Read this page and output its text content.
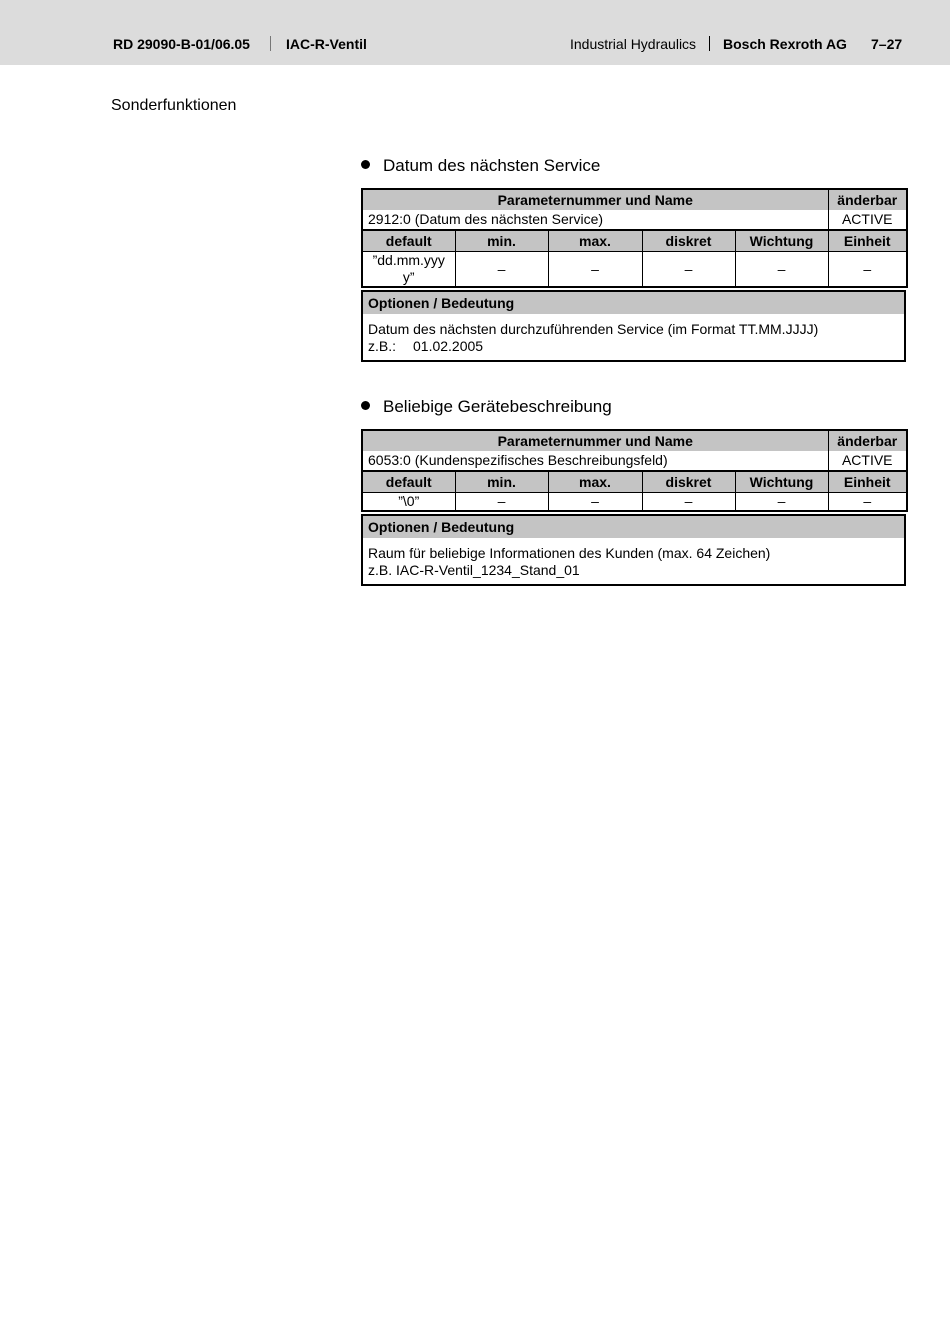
RD 29090-B-01/06.05	IAC-R-Ventil	Industrial Hydraulics Bosch Rexroth AG 7–27
Sonderfunktionen
Datum des nächsten Service
Parameternummer und Name					änderbar
2912:0 (Datum des nächsten Service)					ACTIVE
default	min.	max.	diskret	Wichtung	Einheit
”dd.mm.yyyy”	–	–	–	–	–
Optionen / Bedeutung

Datum des nächsten durchzuführenden Service (im Format TT.MM.JJJJ)
z.B.: 01.02.2005
Beliebige Gerätebeschreibung
Parameternummer und Name					änderbar
6053:0 (Kundenspezifisches Beschreibungsfeld)					ACTIVE
default	min.	max.	diskret	Wichtung	Einheit
”\0”	–	–	–	–	–
Optionen / Bedeutung

Raum für beliebige Informationen des Kunden (max. 64 Zeichen)
z.B. IAC-R-Ventil_1234_Stand_01
